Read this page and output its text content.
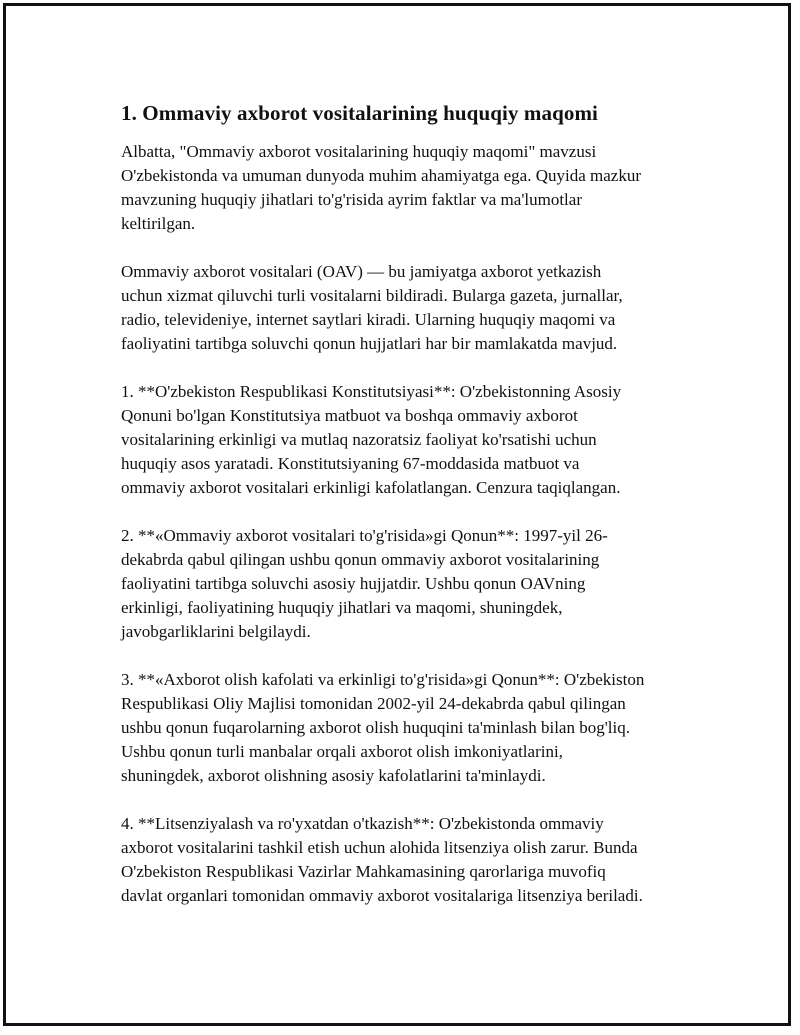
1. Ommaviy axborot vositalarining huquqiy maqomi

Albatta, "Ommaviy axborot vositalarining huquqiy maqomi" mavzusi
O'zbekistonda va umuman dunyoda muhim ahamiyatga ega. Quyida mazkur
mavzuning huquqiy jihatlari to'g'risida ayrim faktlar va ma'lumotlar
keltirilgan.

Ommaviy axborot vositalari (OAV) — bu jamiyatga axborot yetkazish
uchun xizmat qiluvchi turli vositalarni bildiradi. Bularga gazeta, jurnallar,
radio, televideniye, internet saytlari kiradi. Ularning huquqiy maqomi va
faoliyatini tartibga soluvchi qonun hujjatlari har bir mamlakatda mavjud.

1. **O'zbekiston Respublikasi Konstitutsiyasi**: O'zbekistonning Asosiy
Qonuni bo'lgan Konstitutsiya matbuot va boshqa ommaviy axborot
vositalarining erkinligi va mutlaq nazoratsiz faoliyat ko'rsatishi uchun
huquqiy asos yaratadi. Konstitutsiyaning 67-moddasida matbuot va
ommaviy axborot vositalari erkinligi kafolatlangan. Cenzura taqiqlangan.

2. **«Ommaviy axborot vositalari to'g'risida»gi Qonun**: 1997-yil 26-
dekabrda qabul qilingan ushbu qonun ommaviy axborot vositalarining
faoliyatini tartibga soluvchi asosiy hujjatdir. Ushbu qonun OAVning
erkinligi, faoliyatining huquqiy jihatlari va maqomi, shuningdek,
javobgarliklarini belgilaydi.

3. **«Axborot olish kafolati va erkinligi to'g'risida»gi Qonun**: O'zbekiston
Respublikasi Oliy Majlisi tomonidan 2002-yil 24-dekabrda qabul qilingan
ushbu qonun fuqarolarning axborot olish huquqini ta'minlash bilan bog'liq.
Ushbu qonun turli manbalar orqali axborot olish imkoniyatlarini,
shuningdek, axborot olishning asosiy kafolatlarini ta'minlaydi.

4. **Litsenziyalash va ro'yxatdan o'tkazish**: O'zbekistonda ommaviy
axborot vositalarini tashkil etish uchun alohida litsenziya olish zarur. Bunda
O'zbekiston Respublikasi Vazirlar Mahkamasining qarorlariga muvofiq
davlat organlari tomonidan ommaviy axborot vositalariga litsenziya beriladi.
